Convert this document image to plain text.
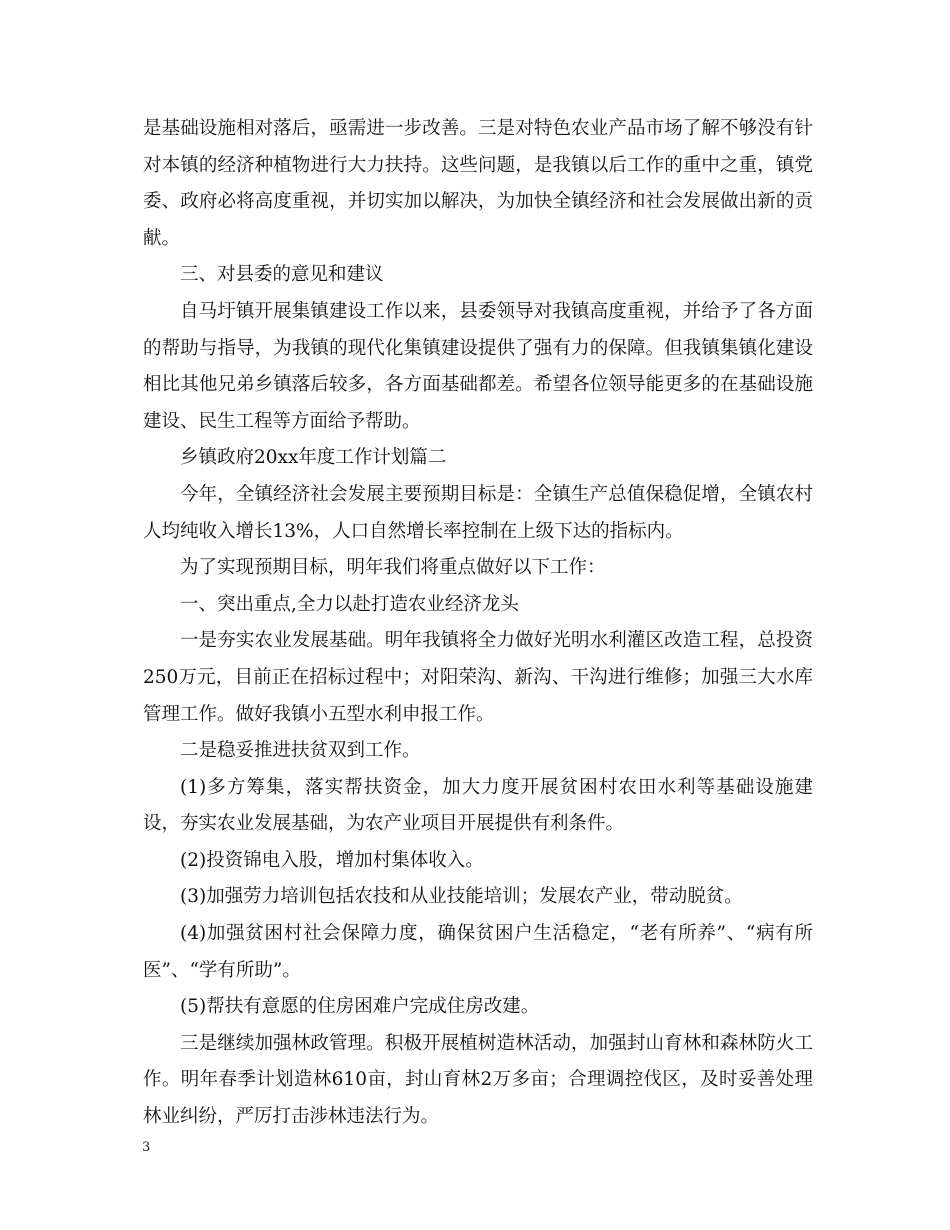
是基础设施相对落后，亟需进一步改善。三是对特色农业产品市场了解不够没有针对本镇的经济种植物进行大力扶持。这些问题，是我镇以后工作的重中之重，镇党委、政府必将高度重视，并切实加以解决，为加快全镇经济和社会发展做出新的贡献。

三、对县委的意见和建议

自马圩镇开展集镇建设工作以来，县委领导对我镇高度重视，并给予了各方面的帮助与指导，为我镇的现代化集镇建设提供了强有力的保障。但我镇集镇化建设相比其他兄弟乡镇落后较多，各方面基础都差。希望各位领导能更多的在基础设施建设、民生工程等方面给予帮助。

乡镇政府20xx年度工作计划篇二

今年，全镇经济社会发展主要预期目标是：全镇生产总值保稳促增，全镇农村人均纯收入增长13%，人口自然增长率控制在上级下达的指标内。

为了实现预期目标，明年我们将重点做好以下工作：

一、突出重点,全力以赴打造农业经济龙头

一是夯实农业发展基础。明年我镇将全力做好光明水利灌区改造工程，总投资250万元，目前正在招标过程中；对阳荣沟、新沟、干沟进行维修；加强三大水库管理工作。做好我镇小五型水利申报工作。

二是稳妥推进扶贫双到工作。

(1)多方筹集，落实帮扶资金，加大力度开展贫困村农田水利等基础设施建设，夯实农业发展基础，为农产业项目开展提供有利条件。

(2)投资锦电入股，增加村集体收入。

(3)加强劳力培训包括农技和从业技能培训；发展农产业，带动脱贫。

(4)加强贫困村社会保障力度，确保贫困户生活稳定，“老有所养”、“病有所医”、“学有所助”。

(5)帮扶有意愿的住房困难户完成住房改建。

三是继续加强林政管理。积极开展植树造林活动，加强封山育林和森林防火工作。明年春季计划造林610亩，封山育林2万多亩；合理调控伐区，及时妥善处理林业纠纷，严厉打击涉林违法行为。

3
